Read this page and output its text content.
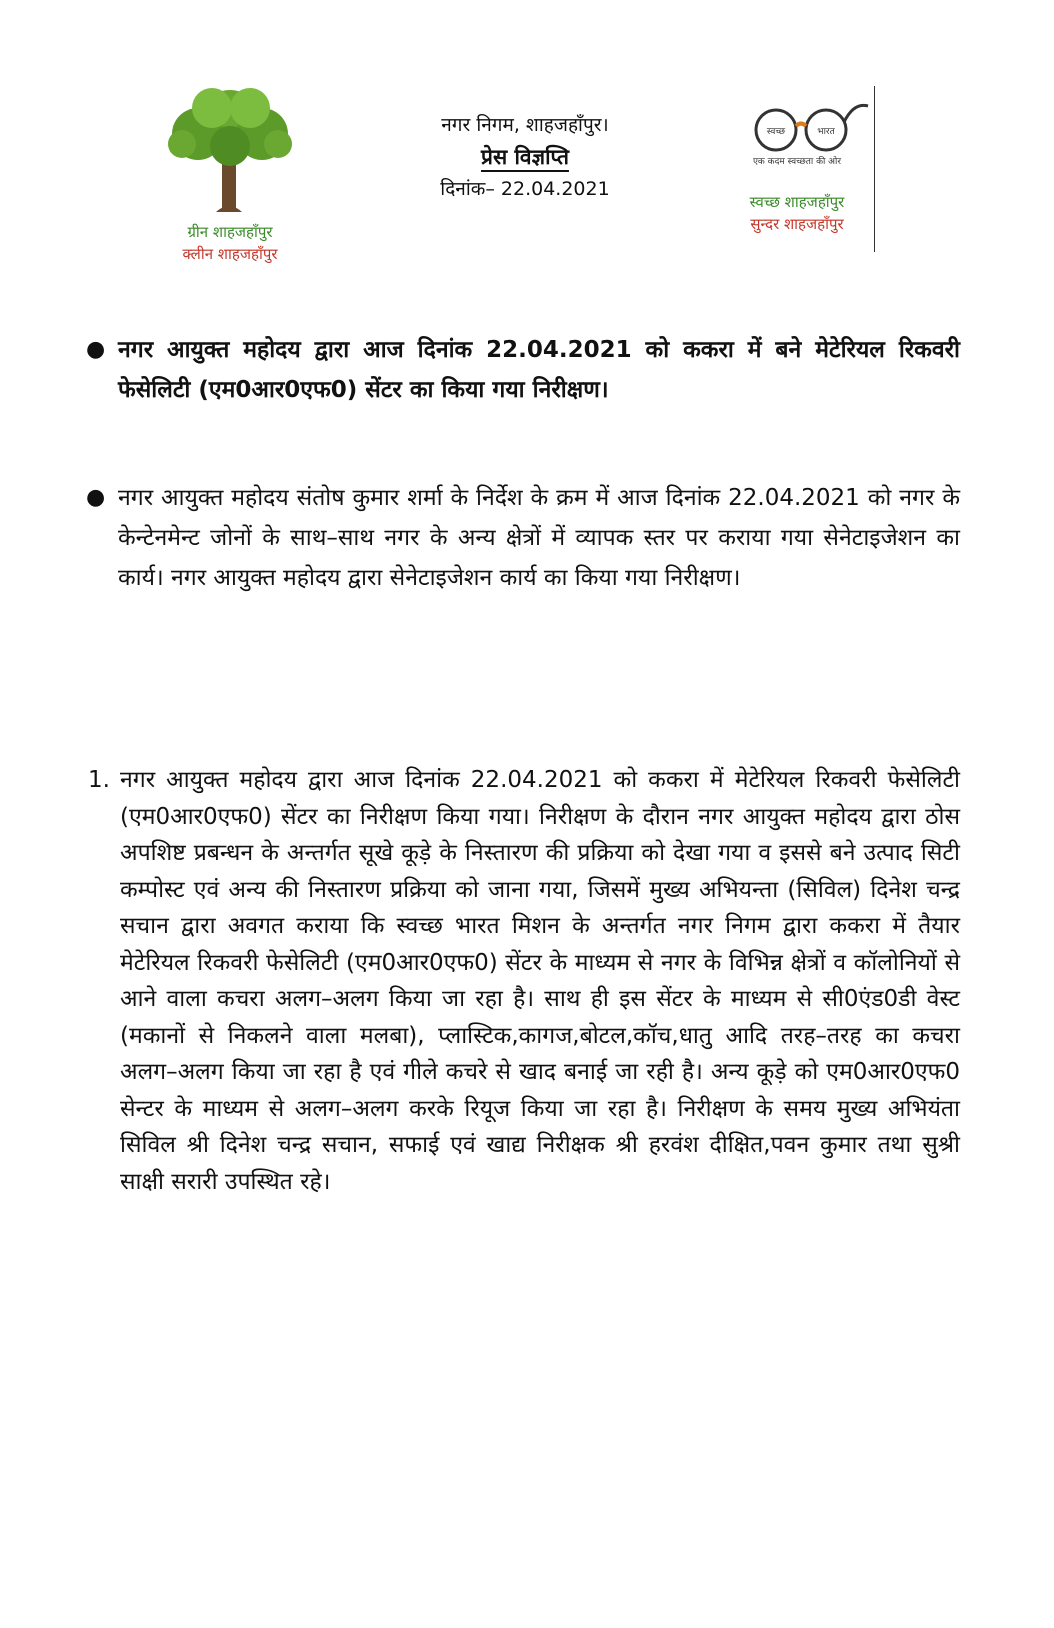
ग्रीन शाहजहाँपुर
क्लीन शाहजहाँपुर
नगर निगम, शाहजहाँपुर।
प्रेस विज्ञप्ति
दिनांक– 22.04.2021
स्वच्छ	भारत
एक कदम स्वच्छता की ओर
स्वच्छ शाहजहाँपुर
सुन्दर शाहजहाँपुर
● नगर आयुक्त महोदय द्वारा आज दिनांक 22.04.2021 को ककरा में बने मेटेरियल रिकवरी फेसेलिटी (एम0आर0एफ0) सेंटर का किया गया निरीक्षण।
● नगर आयुक्त महोदय संतोष कुमार शर्मा के निर्देश के क्रम में आज दिनांक 22.04.2021 को नगर के केन्टेनमेन्ट जोनों के साथ–साथ नगर के अन्य क्षेत्रों में व्यापक स्तर पर कराया गया सेनेटाइजेशन का कार्य। नगर आयुक्त महोदय द्वारा सेनेटाइजेशन कार्य का किया गया निरीक्षण।
1. नगर आयुक्त महोदय द्वारा आज दिनांक 22.04.2021 को ककरा में मेटेरियल रिकवरी फेसेलिटी (एम0आर0एफ0) सेंटर का निरीक्षण किया गया। निरीक्षण के दौरान नगर आयुक्त महोदय द्वारा ठोस अपशिष्ट प्रबन्धन के अन्तर्गत सूखे कूड़े के निस्तारण की प्रक्रिया को देखा गया व इससे बने उत्पाद सिटी कम्पोस्ट एवं अन्य की निस्तारण प्रक्रिया को जाना गया, जिसमें मुख्य अभियन्ता (सिविल) दिनेश चन्द्र सचान द्वारा अवगत कराया कि स्वच्छ भारत मिशन के अन्तर्गत नगर निगम द्वारा ककरा में तैयार मेटेरियल रिकवरी फेसेलिटी (एम0आर0एफ0) सेंटर के माध्यम से नगर के विभिन्न क्षेत्रों व कॉलोनियों से आने वाला कचरा अलग–अलग किया जा रहा है। साथ ही इस सेंटर के माध्यम से सी0एंड0डी वेस्ट (मकानों से निकलने वाला मलबा), प्लास्टिक,कागज,बोटल,कॉच,धातु आदि तरह–तरह का कचरा अलग–अलग किया जा रहा है एवं गीले कचरे से खाद बनाई जा रही है। अन्य कूड़े को एम0आर0एफ0 सेन्टर के माध्यम से अलग–अलग करके रियूज किया जा रहा है। निरीक्षण के समय मुख्य अभियंता सिविल श्री दिनेश चन्द्र सचान, सफाई एवं खाद्य निरीक्षक श्री हरवंश दीक्षित,पवन कुमार तथा सुश्री साक्षी सरारी उपस्थित रहे।
